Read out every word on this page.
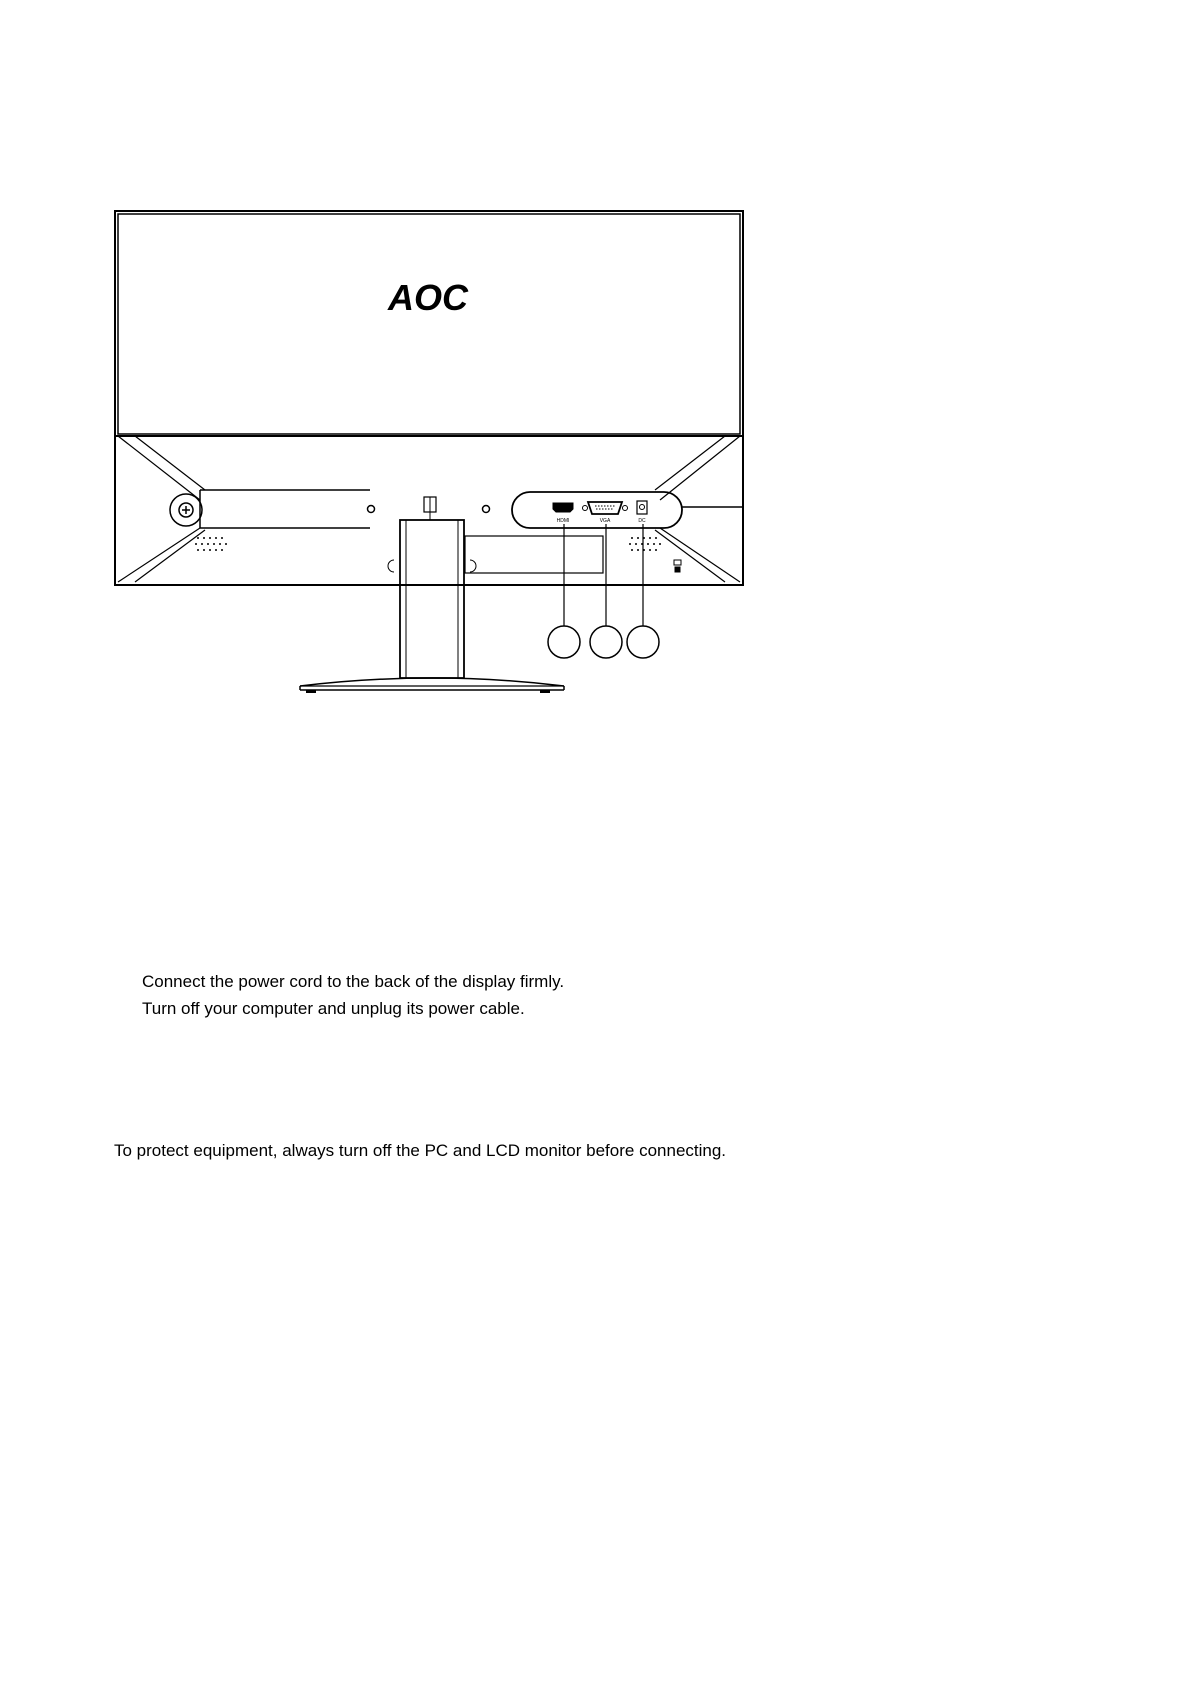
AOC
HDMI	VGA	DC
Connect the power cord to the back of the display firmly.
Turn off your computer and unplug its power cable.
To protect equipment, always turn off the PC and LCD monitor before connecting.
